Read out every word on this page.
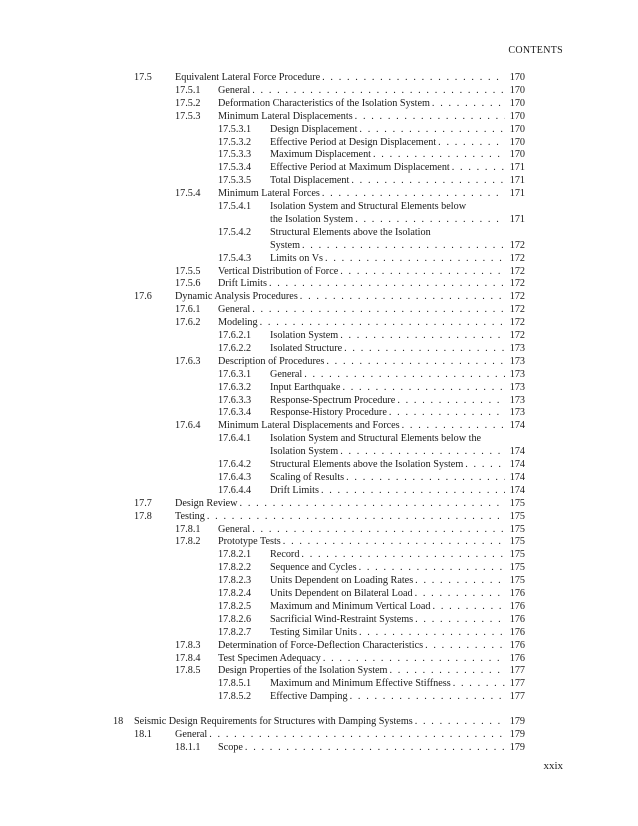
CONTENTS
17.5 Equivalent Lateral Force Procedure . . .	170
17.5.1 General . . .	170
17.5.2 Deformation Characteristics of the Isolation System . . .	170
17.5.3 Minimum Lateral Displacements . . .	170
17.5.3.1 Design Displacement . . .	170
17.5.3.2 Effective Period at Design Displacement . . .	170
17.5.3.3 Maximum Displacement . . .	170
17.5.3.4 Effective Period at Maximum Displacement . . .	171
17.5.3.5 Total Displacement . . .	171
17.5.4 Minimum Lateral Forces . . .	171
17.5.4.1 Isolation System and Structural Elements below
the Isolation System . . .	171
17.5.4.2 Structural Elements above the Isolation
System . . .	172
17.5.4.3 Limits on Vs . . .	172
17.5.5 Vertical Distribution of Force . . .	172
17.5.6 Drift Limits . . .	172
17.6 Dynamic Analysis Procedures . . .	172
17.6.1 General . . .	172
17.6.2 Modeling . . .	172
17.6.2.1 Isolation System . . .	172
17.6.2.2 Isolated Structure . . .	173
17.6.3 Description of Procedures . . .	173
17.6.3.1 General . . .	173
17.6.3.2 Input Earthquake . . .	173
17.6.3.3 Response-Spectrum Procedure . . .	173
17.6.3.4 Response-History Procedure . . .	173
17.6.4 Minimum Lateral Displacements and Forces . . .	174
17.6.4.1 Isolation System and Structural Elements below the
Isolation System . . .	174
17.6.4.2 Structural Elements above the Isolation System . . .	174
17.6.4.3 Scaling of Results . . .	174
17.6.4.4 Drift Limits . . .	174
17.7 Design Review . . .	175
17.8 Testing . . .	175
17.8.1 General . . .	175
17.8.2 Prototype Tests . . .	175
17.8.2.1 Record . . .	175
17.8.2.2 Sequence and Cycles . . .	175
17.8.2.3 Units Dependent on Loading Rates . . .	175
17.8.2.4 Units Dependent on Bilateral Load . . .	176
17.8.2.5 Maximum and Minimum Vertical Load . . .	176
17.8.2.6 Sacrificial Wind-Restraint Systems . . .	176
17.8.2.7 Testing Similar Units . . .	176
17.8.3 Determination of Force-Deflection Characteristics . . .	176
17.8.4 Test Specimen Adequacy . . .	176
17.8.5 Design Properties of the Isolation System . . .	177
17.8.5.1 Maximum and Minimum Effective Stiffness . . .	177
17.8.5.2 Effective Damping . . .	177
18 Seismic Design Requirements for Structures with Damping Systems . . .	179
18.1 General . . .	179
18.1.1 Scope . . .	179
xxix
